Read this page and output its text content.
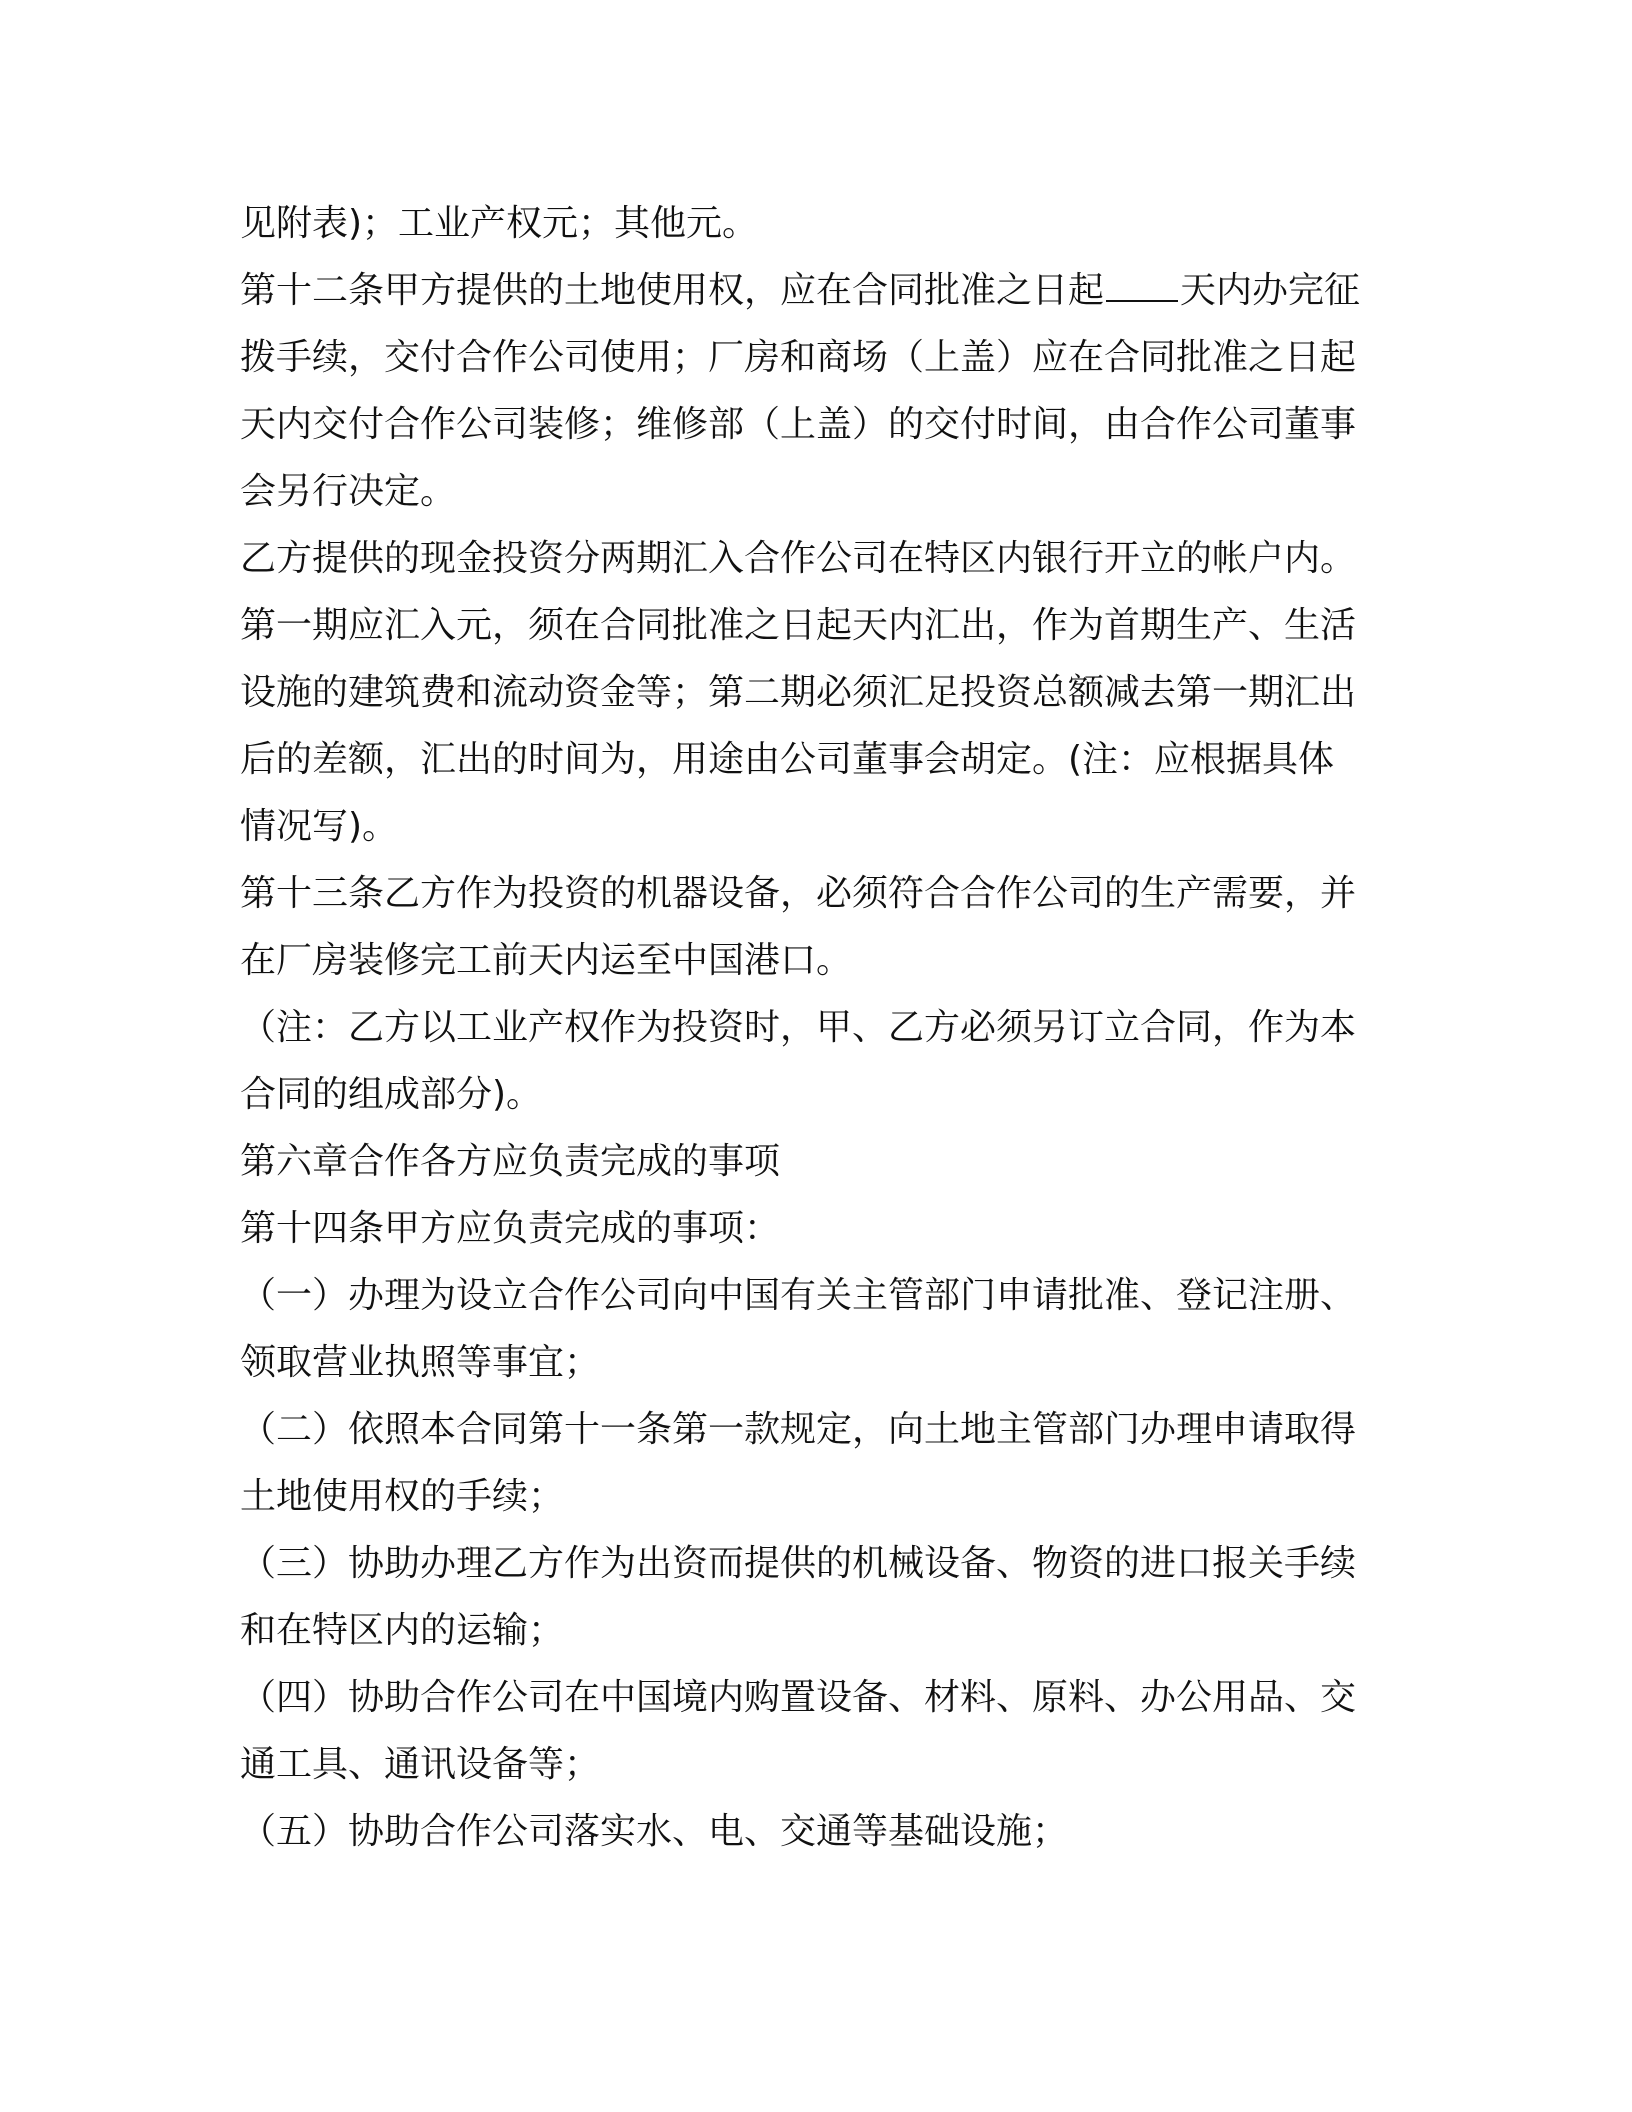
见附表)；工业产权元；其他元。
第十二条甲方提供的土地使用权，应在合同批准之日起 天内办完征
拨手续，交付合作公司使用；厂房和商场（上盖）应在合同批准之日起
天内交付合作公司装修；维修部（上盖）的交付时间，由合作公司董事
会另行决定。
乙方提供的现金投资分两期汇入合作公司在特区内银行开立的帐户内。
第一期应汇入元，须在合同批准之日起天内汇出，作为首期生产、生活
设施的建筑费和流动资金等；第二期必须汇足投资总额减去第一期汇出
后的差额，汇出的时间为，用途由公司董事会胡定。(注：应根据具体
情况写)。
第十三条乙方作为投资的机器设备，必须符合合作公司的生产需要，并
在厂房装修完工前天内运至中国港口。
（注：乙方以工业产权作为投资时，甲、乙方必须另订立合同，作为本
合同的组成部分)。
第六章合作各方应负责完成的事项
第十四条甲方应负责完成的事项：
（一）办理为设立合作公司向中国有关主管部门申请批准、登记注册、
领取营业执照等事宜；
（二）依照本合同第十一条第一款规定，向土地主管部门办理申请取得
土地使用权的手续；
（三）协助办理乙方作为出资而提供的机械设备、物资的进口报关手续
和在特区内的运输；
（四）协助合作公司在中国境内购置设备、材料、原料、办公用品、交
通工具、通讯设备等；
（五）协助合作公司落实水、电、交通等基础设施；
